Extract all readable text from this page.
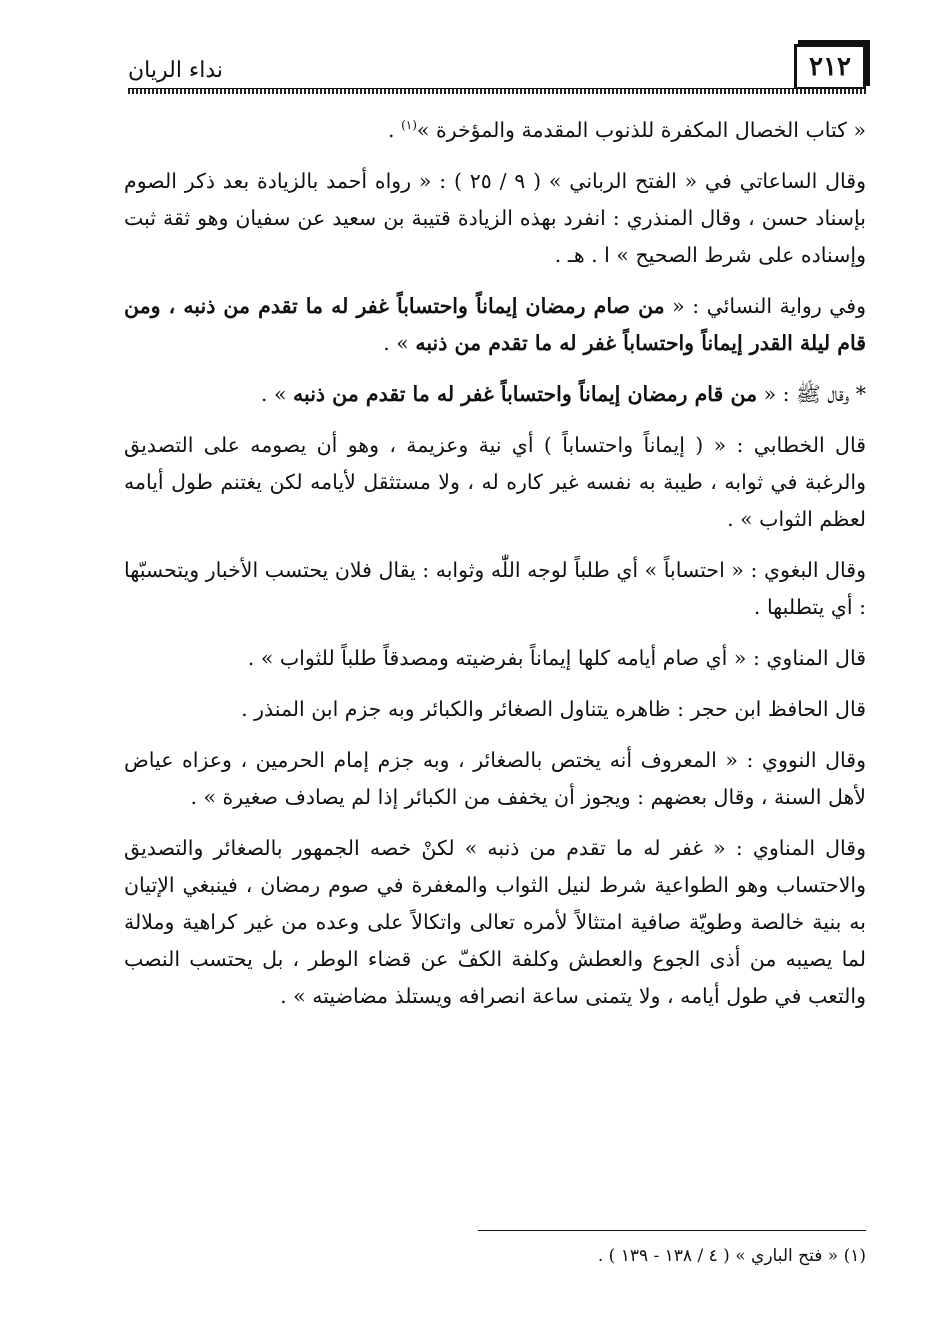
٢١٢
نداء الريان

« كتاب الخصال المكفرة للذنوب المقدمة والمؤخرة »$^{(١)}$ .

وقال الساعاتي في « الفتح الرباني » ( ٩ / ٢٥ ) : « رواه أحمد بالزيادة بعد ذكر الصوم بإسناد حسن ، وقال المنذري : انفرد بهذه الزيادة قتيبة بن سعيد عن سفيان وهو ثقة ثبت وإسناده على شرط الصحيح » ا . هـ .

وفي رواية النسائي : « من صام رمضان إيماناً واحتساباً غفر له ما تقدم من ذنبه ، ومن قام ليلة القدر إيماناً واحتساباً غفر له ما تقدم من ذنبه » .

* وقال ﷺ : « من قام رمضان إيماناً واحتساباً غفر له ما تقدم من ذنبه » .

قال الخطابي : « ( إيماناً واحتساباً ) أي نية وعزيمة ، وهو أن يصومه على التصديق والرغبة في ثوابه ، طيبة به نفسه غير كاره له ، ولا مستثقل لأيامه لكن يغتنم طول أيامه لعظم الثواب » .

وقال البغوي : « احتساباً » أي طلباً لوجه اللّٰه وثوابه : يقال فلان يحتسب الأخبار ويتحسبّها : أي يتطلبها .

قال المناوي : « أي صام أيامه كلها إيماناً بفرضيته ومصدقاً طلباً للثواب » .

قال الحافظ ابن حجر : ظاهره يتناول الصغائر والكبائر وبه جزم ابن المنذر .

وقال النووي : « المعروف أنه يختص بالصغائر ، وبه جزم إمام الحرمين ، وعزاه عياض لأهل السنة ، وقال بعضهم : ويجوز أن يخفف من الكبائر إذا لم يصادف صغيرة » .

وقال المناوي : « غفر له ما تقدم من ذنبه » لكنْ خصه الجمهور بالصغائر والتصديق والاحتساب وهو الطواعية شرط لنيل الثواب والمغفرة في صوم رمضان ، فينبغي الإتيان به بنية خالصة وطويّة صافية امتثالاً لأمره تعالى واتكالاً على وعده من غير كراهية وملالة لما يصيبه من أذى الجوع والعطش وكلفة الكفّ عن قضاء الوطر ، بل يحتسب النصب والتعب في طول أيامه ، ولا يتمنى ساعة انصرافه ويستلذ مضاضيته » .

(١) « فتح الباري » ( ٤ / ١٣٨ - ١٣٩ ) .
